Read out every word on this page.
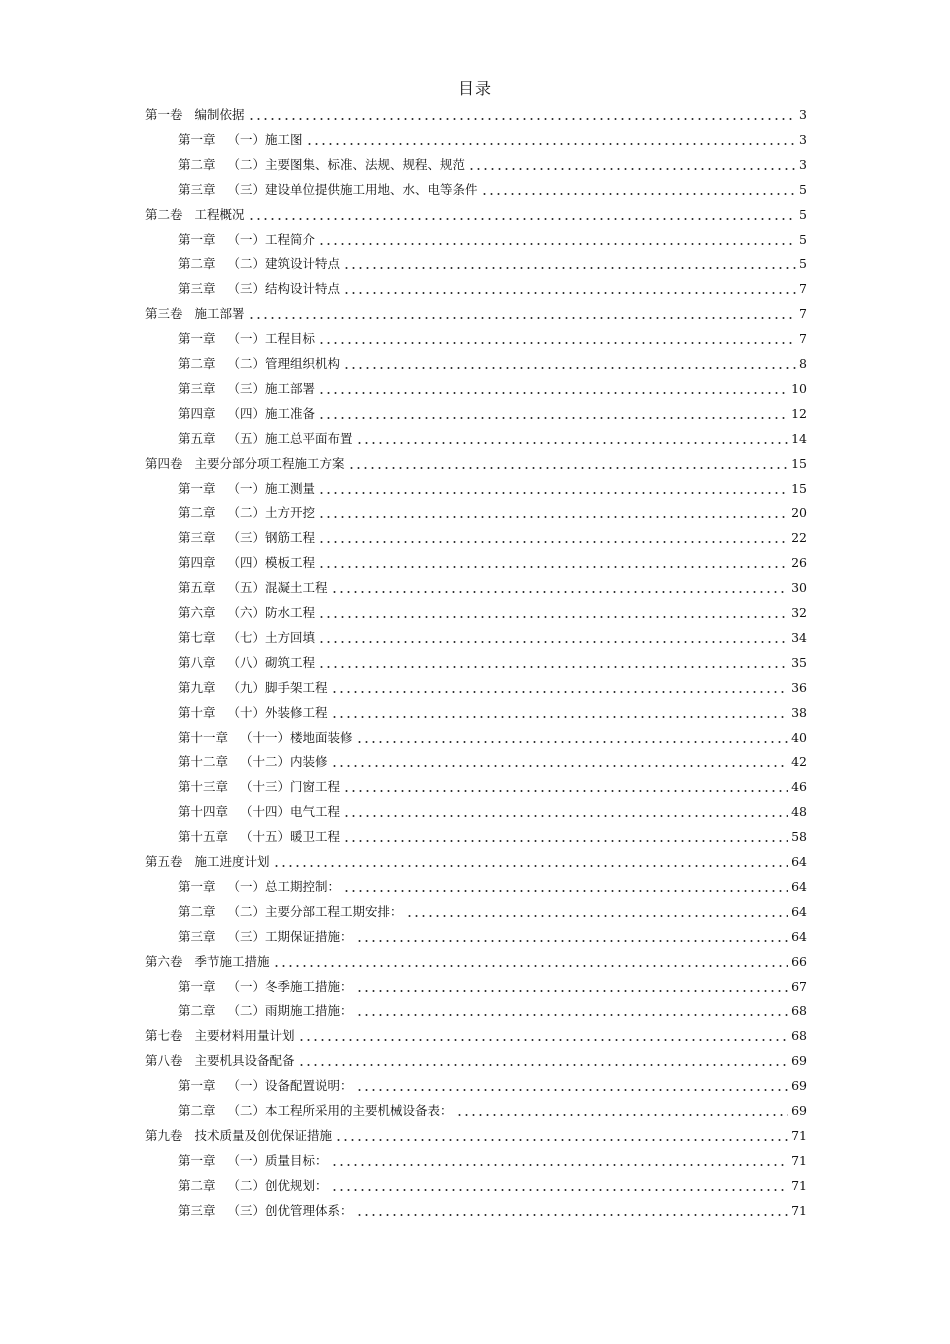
目录
第一卷 编制依据	3
第一章 （一）施工图	3
第二章 （二）主要图集、标准、法规、规程、规范	3
第三章 （三）建设单位提供施工用地、水、电等条件	5
第二卷 工程概况	5
第一章 （一）工程简介	5
第二章 （二）建筑设计特点	5
第三章 （三）结构设计特点	7
第三卷 施工部署	7
第一章 （一）工程目标	7
第二章 （二）管理组织机构	8
第三章 （三）施工部署	10
第四章 （四）施工准备	12
第五章 （五）施工总平面布置	14
第四卷 主要分部分项工程施工方案	15
第一章 （一）施工测量	15
第二章 （二）土方开挖	20
第三章 （三）钢筋工程	22
第四章 （四）模板工程	26
第五章 （五）混凝土工程	30
第六章 （六）防水工程	32
第七章 （七）土方回填	34
第八章 （八）砌筑工程	35
第九章 （九）脚手架工程	36
第十章 （十）外装修工程	38
第十一章 （十一）楼地面装修	40
第十二章 （十二）内装修	42
第十三章 （十三）门窗工程	46
第十四章 （十四）电气工程	48
第十五章 （十五）暖卫工程	58
第五卷 施工进度计划	64
第一章 （一）总工期控制：	64
第二章 （二）主要分部工程工期安排：	64
第三章 （三）工期保证措施：	64
第六卷 季节施工措施	66
第一章 （一）冬季施工措施：	67
第二章 （二）雨期施工措施：	68
第七卷 主要材料用量计划	68
第八卷 主要机具设备配备	69
第一章 （一）设备配置说明：	69
第二章 （二）本工程所采用的主要机械设备表：	69
第九卷 技术质量及创优保证措施	71
第一章 （一）质量目标：	71
第二章 （二）创优规划：	71
第三章 （三）创优管理体系：	71
